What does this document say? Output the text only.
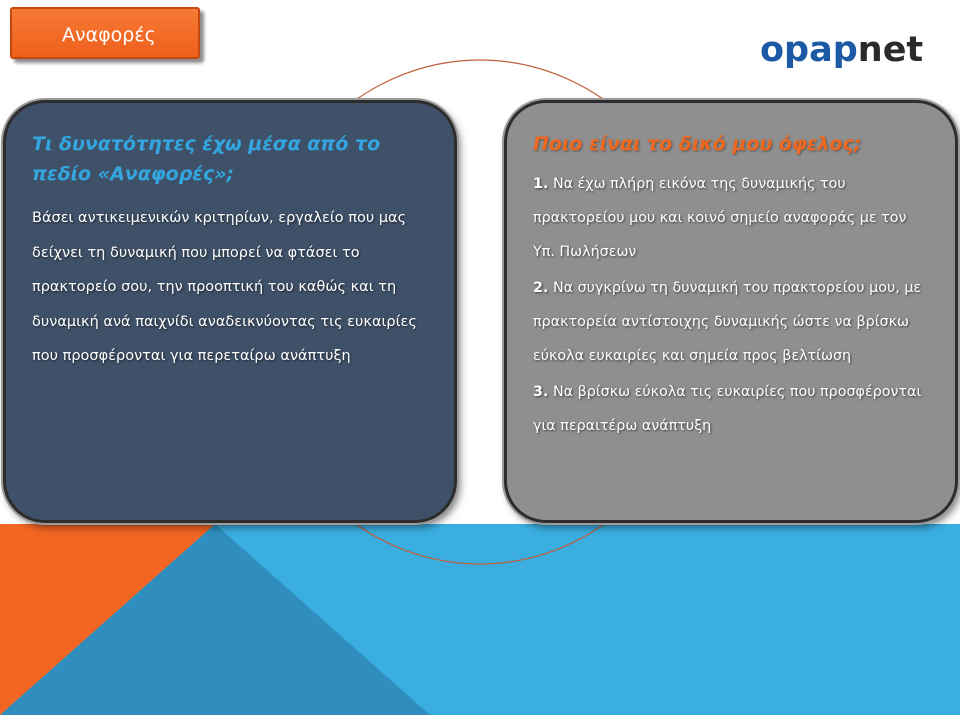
Αναφορές	opapnet

Τι δυνατότητες έχω μέσα από το πεδίο «Αναφορές»;

Βάσει αντικειμενικών κριτηρίων, εργαλείο που μας δείχνει τη δυναμική που μπορεί να φτάσει το πρακτορείο σου, την προοπτική του καθώς και τη δυναμική ανά παιχνίδι αναδεικνύοντας τις ευκαιρίες που προσφέρονται για περεταίρω ανάπτυξη

Ποιο είναι το δικό μου όφελος;

1. Να έχω πλήρη εικόνα της δυναμικής του πρακτορείου μου και κοινό σημείο αναφοράς με τον Υπ. Πωλήσεων

2. Να συγκρίνω τη δυναμική του πρακτορείου μου, με πρακτορεία αντίστοιχης δυναμικής ώστε να βρίσκω εύκολα ευκαιρίες και σημεία προς βελτίωση

3. Να βρίσκω εύκολα τις ευκαιρίες που προσφέρονται για περαιτέρω ανάπτυξη
